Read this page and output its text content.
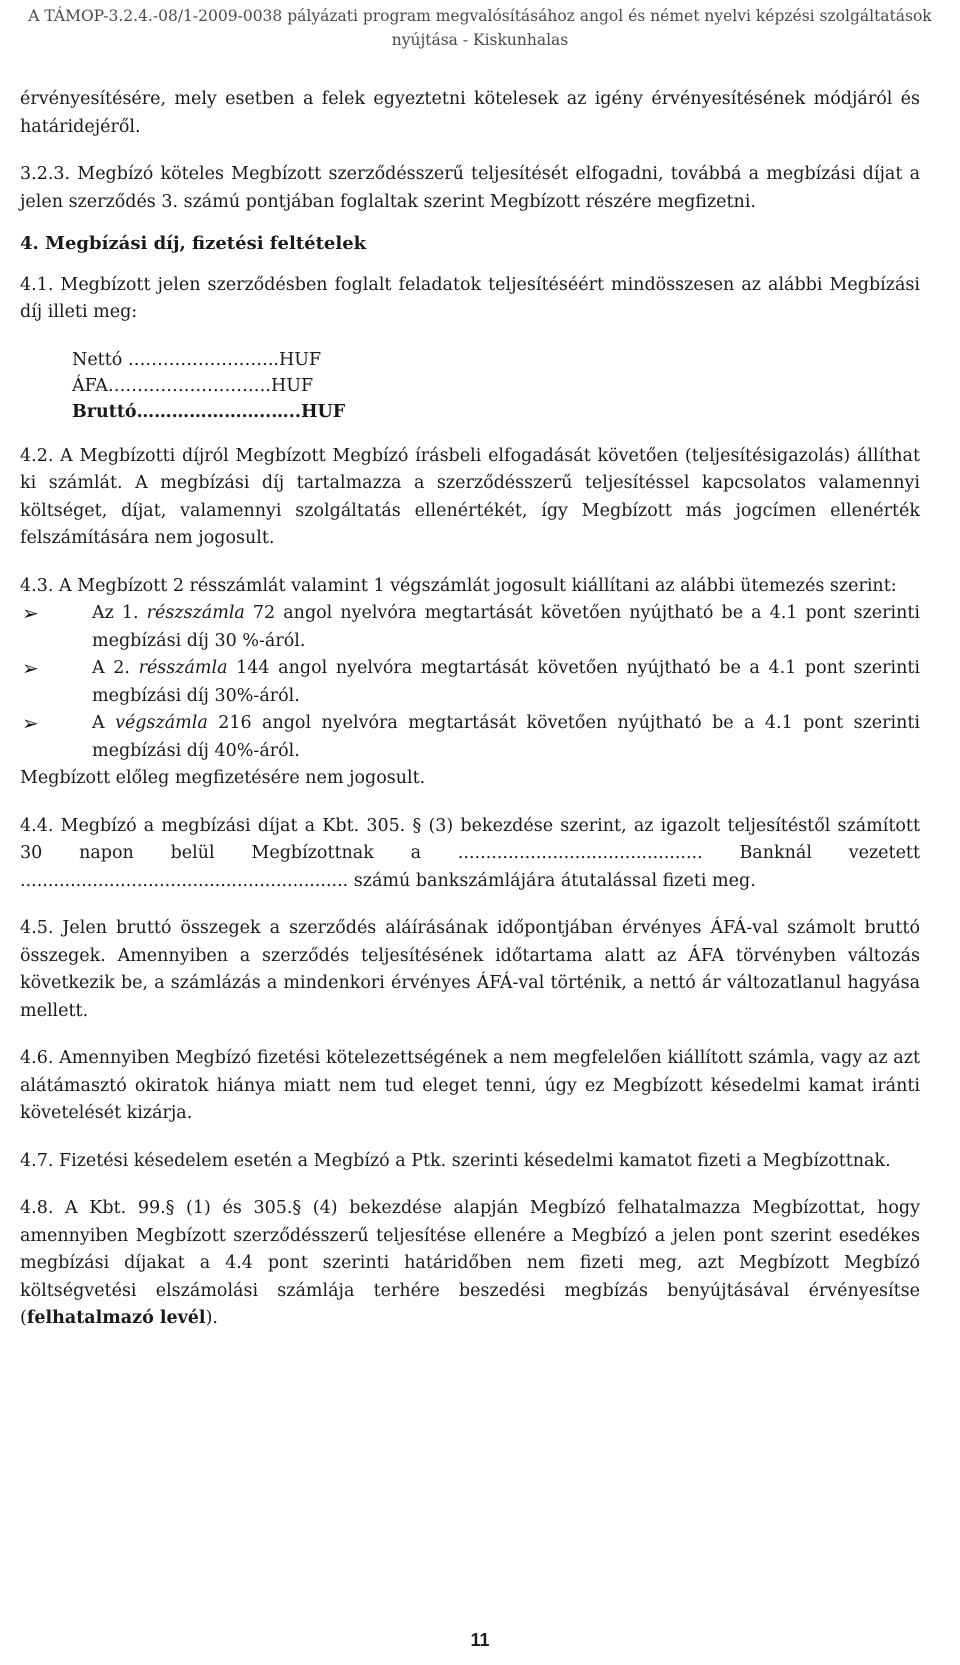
A TÁMOP-3.2.4.-08/1-2009-0038 pályázati program megvalósításához angol és német nyelvi képzési szolgáltatások
nyújtása - Kiskunhalas

érvényesítésére, mely esetben a felek egyeztetni kötelesek az igény érvényesítésének módjáról és határidejéről.

3.2.3. Megbízó köteles Megbízott szerződésszerű teljesítését elfogadni, továbbá a megbízási díjat a jelen szerződés 3. számú pontjában foglaltak szerint Megbízott részére megfizetni.

4. Megbízási díj, fizetési feltételek

4.1. Megbízott jelen szerződésben foglalt feladatok teljesítéséért mindösszesen az alábbi Megbízási díj illeti meg:

Nettó ……………………..HUF
ÁFA……………………….HUF
Bruttó…………………..…..HUF

4.2. A Megbízotti díjról Megbízott Megbízó írásbeli elfogadását követően (teljesítésigazolás) állíthat ki számlát. A megbízási díj tartalmazza a szerződésszerű teljesítéssel kapcsolatos valamennyi költséget, díjat, valamennyi szolgáltatás ellenértékét, így Megbízott más jogcímen ellenérték felszámítására nem jogosult.

4.3. A Megbízott 2 résszámlát valamint 1 végszámlát jogosult kiállítani az alábbi ütemezés szerint:

➢	Az 1. részszámla 72 angol nyelvóra megtartását követően nyújtható be a 4.1 pont szerinti megbízási díj 30 %-áról.
➢	A 2. résszámla 144 angol nyelvóra megtartását követően nyújtható be a 4.1 pont szerinti megbízási díj 30%-áról.
➢	A végszámla 216 angol nyelvóra megtartását követően nyújtható be a 4.1 pont szerinti megbízási díj 40%-áról.

Megbízott előleg megfizetésére nem jogosult.

4.4. Megbízó a megbízási díjat a Kbt. 305. § (3) bekezdése szerint, az igazolt teljesítéstől számított 30 napon belül Megbízottnak a ............................................ Banknál vezetett ........................................................... számú bankszámlájára átutalással fizeti meg.

4.5. Jelen bruttó összegek a szerződés aláírásának időpontjában érvényes ÁFÁ-val számolt bruttó összegek. Amennyiben a szerződés teljesítésének időtartama alatt az ÁFA törvényben változás következik be, a számlázás a mindenkori érvényes ÁFÁ-val történik, a nettó ár változatlanul hagyása mellett.

4.6. Amennyiben Megbízó fizetési kötelezettségének a nem megfelelően kiállított számla, vagy az azt alátámasztó okiratok hiánya miatt nem tud eleget tenni, úgy ez Megbízott késedelmi kamat iránti követelését kizárja.

4.7. Fizetési késedelem esetén a Megbízó a Ptk. szerinti késedelmi kamatot fizeti a Megbízottnak.

4.8. A Kbt. 99.§ (1) és 305.§ (4) bekezdése alapján Megbízó felhatalmazza Megbízottat, hogy amennyiben Megbízott szerződésszerű teljesítése ellenére a Megbízó a jelen pont szerint esedékes megbízási díjakat a 4.4 pont szerinti határidőben nem fizeti meg, azt Megbízott Megbízó költségvetési elszámolási számlája terhére beszedési megbízás benyújtásával érvényesítse (felhatalmazó levél).

11
